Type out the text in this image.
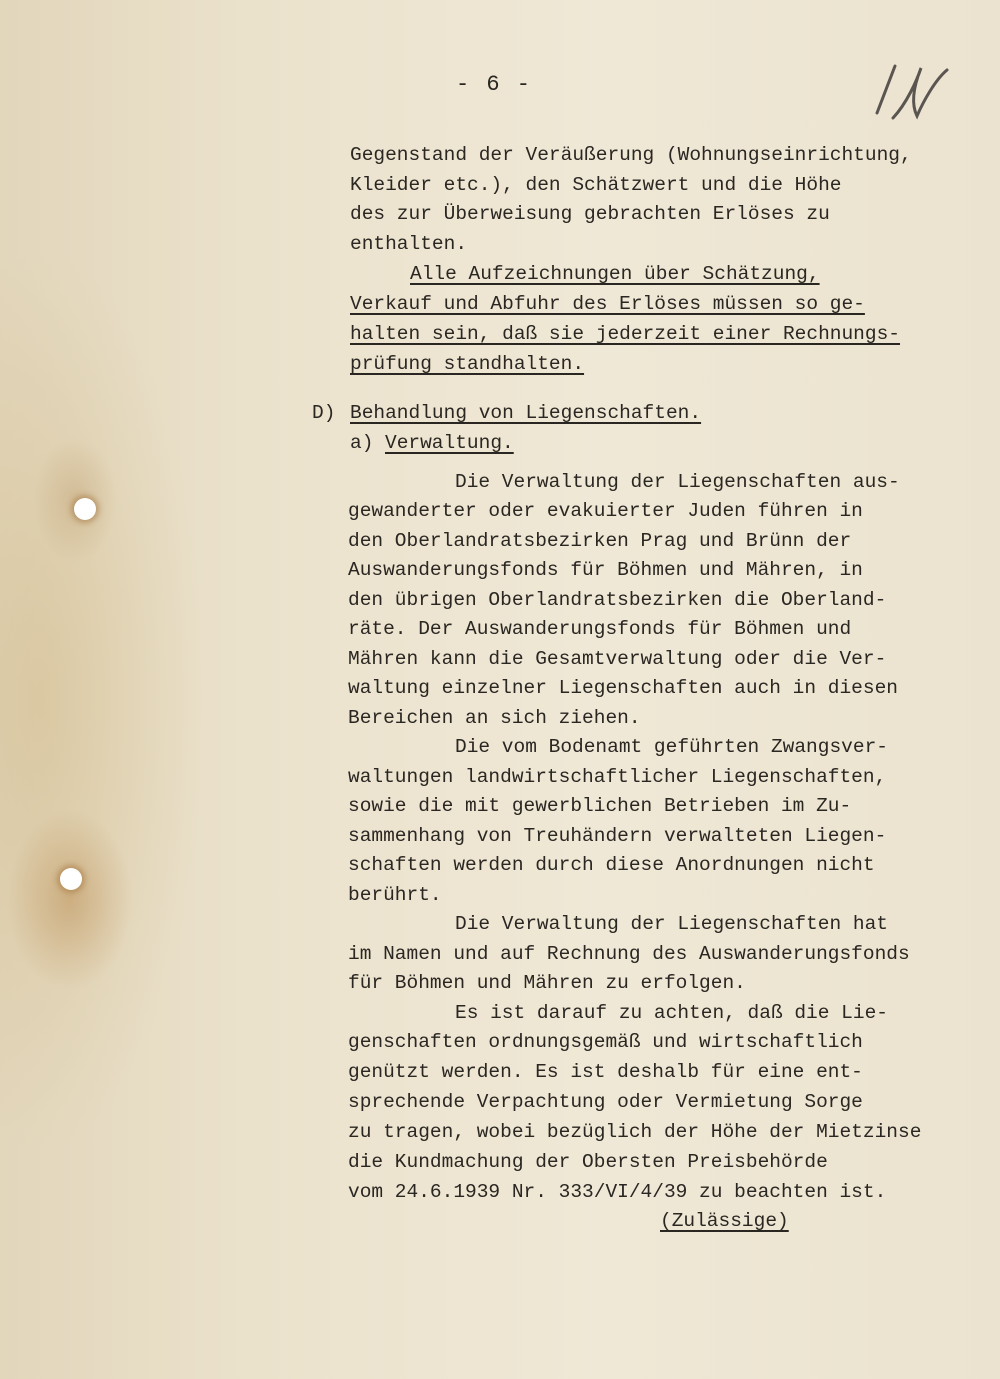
- 6 -
Gegenstand der Veräußerung (Wohnungseinrichtung,
Kleider etc.), den Schätzwert und die Höhe
des zur Überweisung gebrachten Erlöses zu
enthalten.
Alle Aufzeichnungen über Schätzung,
Verkauf und Abfuhr des Erlöses müssen so ge-
halten sein, daß sie jederzeit einer Rechnungs-
prüfung standhalten.
D) Behandlung von Liegenschaften.
a) Verwaltung.
Die Verwaltung der Liegenschaften aus-
gewanderter oder evakuierter Juden führen in
den Oberlandratsbezirken Prag und Brünn der
Auswanderungsfonds für Böhmen und Mähren, in
den übrigen Oberlandratsbezirken die Oberland-
räte. Der Auswanderungsfonds für Böhmen und
Mähren kann die Gesamtverwaltung oder die Ver-
waltung einzelner Liegenschaften auch in diesen
Bereichen an sich ziehen.
Die vom Bodenamt geführten Zwangsver-
waltungen landwirtschaftlicher Liegenschaften,
sowie die mit gewerblichen Betrieben im Zu-
sammenhang von Treuhändern verwalteten Liegen-
schaften werden durch diese Anordnungen nicht
berührt.
Die Verwaltung der Liegenschaften hat
im Namen und auf Rechnung des Auswanderungsfonds
für Böhmen und Mähren zu erfolgen.
Es ist darauf zu achten, daß die Lie-
genschaften ordnungsgemäß und wirtschaftlich
genützt werden. Es ist deshalb für eine ent-
sprechende Verpachtung oder Vermietung Sorge
zu tragen, wobei bezüglich der Höhe der Mietzinse
die Kundmachung der Obersten Preisbehörde
vom 24.6.1939 Nr. 333/VI/4/39 zu beachten ist.
(Zulässige)
